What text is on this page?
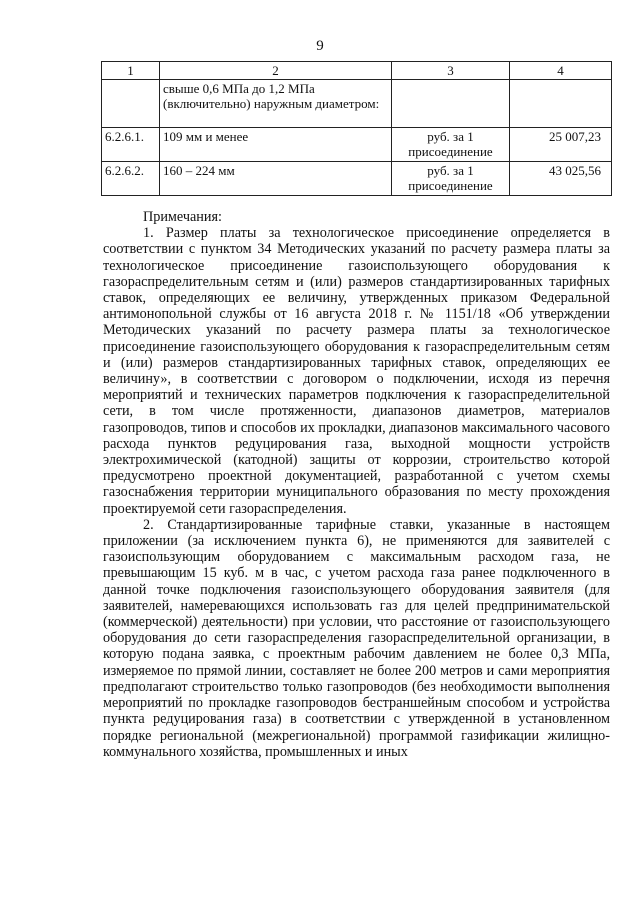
9
1	2	3	4
	свыше 0,6 МПа до 1,2 МПа (включительно) наружным диаметром:		
6.2.6.1.	109 мм и менее	руб. за 1 присоединение	25 007,23
6.2.6.2.	160 – 224 мм	руб. за 1 присоединение	43 025,56

Примечания:

1. Размер платы за технологическое присоединение определяется в соответствии с пунктом 34 Методических указаний по расчету размера платы за технологическое присоединение газоиспользующего оборудования к газораспределительным сетям и (или) размеров стандартизированных тарифных ставок, определяющих ее величину, утвержденных приказом Федеральной антимонопольной службы от 16 августа 2018 г. № 1151/18 «Об утверждении Методических указаний по расчету размера платы за технологическое присоединение газоиспользующего оборудования к газораспределительным сетям и (или) размеров стандартизированных тарифных ставок, определяющих ее величину», в соответствии с договором о подключении, исходя из перечня мероприятий и технических параметров подключения к газораспределительной сети, в том числе протяженности, диапазонов диаметров, материалов газопроводов, типов и способов их прокладки, диапазонов максимального часового расхода пунктов редуцирования газа, выходной мощности устройств электрохимической (катодной) защиты от коррозии, строительство которой предусмотрено проектной документацией, разработанной с учетом схемы газоснабжения территории муниципального образования по месту прохождения проектируемой сети газораспределения.

2. Стандартизированные тарифные ставки, указанные в настоящем приложении (за исключением пункта 6), не применяются для заявителей с газоиспользующим оборудованием с максимальным расходом газа, не превышающим 15 куб. м в час, с учетом расхода газа ранее подключенного в данной точке подключения газоиспользующего оборудования заявителя (для заявителей, намеревающихся использовать газ для целей предпринимательской (коммерческой) деятельности) при условии, что расстояние от газоиспользующего оборудования до сети газораспределения газораспределительной организации, в которую подана заявка, с проектным рабочим давлением не более 0,3 МПа, измеряемое по прямой линии, составляет не более 200 метров и сами мероприятия предполагают строительство только газопроводов (без необходимости выполнения мероприятий по прокладке газопроводов бестраншейным способом и устройства пункта редуцирования газа) в соответствии с утвержденной в установленном порядке региональной (межрегиональной) программой газификации жилищно-коммунального хозяйства, промышленных и иных
